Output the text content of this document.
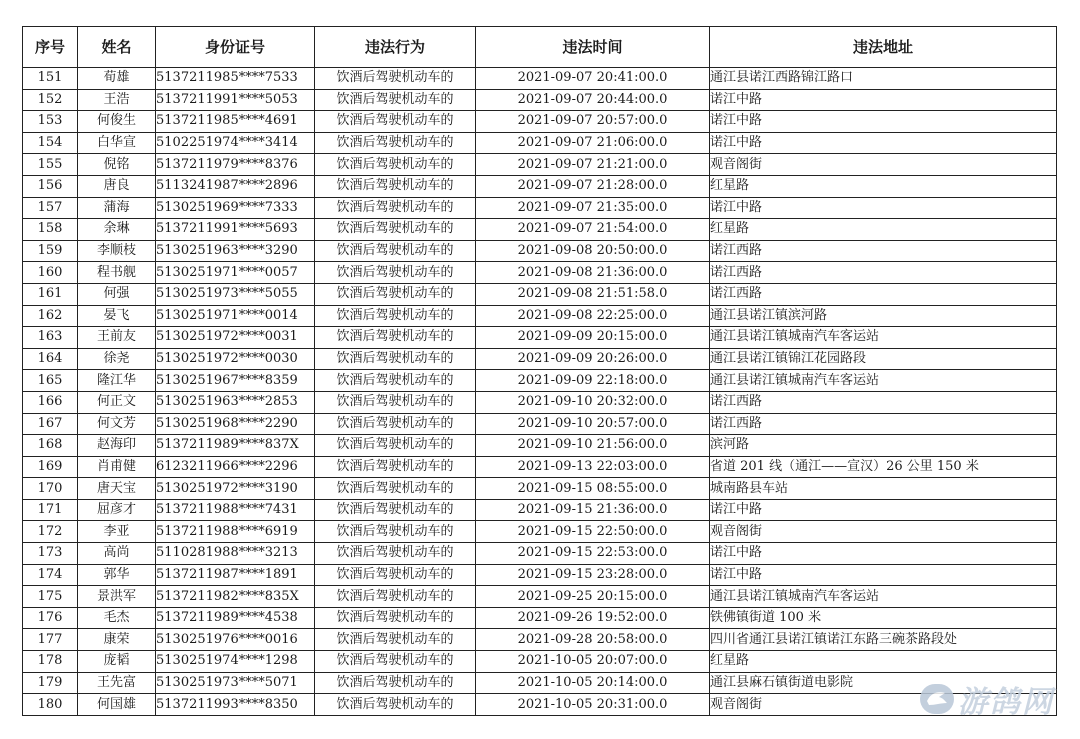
序号	姓名	身份证号	违法行为	违法时间	违法地址
151	荀雄	5137211985****7533	饮酒后驾驶机动车的	2021-09-07 20:41:00.0	通江县诺江西路锦江路口
152	王浩	5137211991****5053	饮酒后驾驶机动车的	2021-09-07 20:44:00.0	诺江中路
153	何俊生	5137211985****4691	饮酒后驾驶机动车的	2021-09-07 20:57:00.0	诺江中路
154	白华宣	5102251974****3414	饮酒后驾驶机动车的	2021-09-07 21:06:00.0	诺江中路
155	倪铭	5137211979****8376	饮酒后驾驶机动车的	2021-09-07 21:21:00.0	观音阁街
156	唐良	5113241987****2896	饮酒后驾驶机动车的	2021-09-07 21:28:00.0	红星路
157	蒲海	5130251969****7333	饮酒后驾驶机动车的	2021-09-07 21:35:00.0	诺江中路
158	余琳	5137211991****5693	饮酒后驾驶机动车的	2021-09-07 21:54:00.0	红星路
159	李顺枝	5130251963****3290	饮酒后驾驶机动车的	2021-09-08 20:50:00.0	诺江西路
160	程书舰	5130251971****0057	饮酒后驾驶机动车的	2021-09-08 21:36:00.0	诺江西路
161	何强	5130251973****5055	饮酒后驾驶机动车的	2021-09-08 21:51:58.0	诺江西路
162	晏飞	5130251971****0014	饮酒后驾驶机动车的	2021-09-08 22:25:00.0	通江县诺江镇滨河路
163	王前友	5130251972****0031	饮酒后驾驶机动车的	2021-09-09 20:15:00.0	通江县诺江镇城南汽车客运站
164	徐尧	5130251972****0030	饮酒后驾驶机动车的	2021-09-09 20:26:00.0	通江县诺江镇锦江花园路段
165	隆江华	5130251967****8359	饮酒后驾驶机动车的	2021-09-09 22:18:00.0	通江县诺江镇城南汽车客运站
166	何正文	5130251963****2853	饮酒后驾驶机动车的	2021-09-10 20:32:00.0	诺江西路
167	何文芳	5130251968****2290	饮酒后驾驶机动车的	2021-09-10 20:57:00.0	诺江西路
168	赵海印	5137211989****837X	饮酒后驾驶机动车的	2021-09-10 21:56:00.0	滨河路
169	肖甫健	6123211966****2296	饮酒后驾驶机动车的	2021-09-13 22:03:00.0	省道 201 线（通江——宣汉）26 公里 150 米
170	唐天宝	5130251972****3190	饮酒后驾驶机动车的	2021-09-15 08:55:00.0	城南路县车站
171	屈彦才	5137211988****7431	饮酒后驾驶机动车的	2021-09-15 21:36:00.0	诺江中路
172	李亚	5137211988****6919	饮酒后驾驶机动车的	2021-09-15 22:50:00.0	观音阁街
173	高尚	5110281988****3213	饮酒后驾驶机动车的	2021-09-15 22:53:00.0	诺江中路
174	郭华	5137211987****1891	饮酒后驾驶机动车的	2021-09-15 23:28:00.0	诺江中路
175	景洪军	5137211982****835X	饮酒后驾驶机动车的	2021-09-25 20:15:00.0	通江县诺江镇城南汽车客运站
176	毛杰	5137211989****4538	饮酒后驾驶机动车的	2021-09-26 19:52:00.0	铁佛镇街道 100 米
177	康荣	5130251976****0016	饮酒后驾驶机动车的	2021-09-28 20:58:00.0	四川省通江县诺江镇诺江东路三碗茶路段处
178	庞韬	5130251974****1298	饮酒后驾驶机动车的	2021-10-05 20:07:00.0	红星路
179	王先富	5130251973****5071	饮酒后驾驶机动车的	2021-10-05 20:14:00.0	通江县麻石镇街道电影院
180	何国雄	5137211993****8350	饮酒后驾驶机动车的	2021-10-05 20:31:00.0	观音阁街	游鸽网
